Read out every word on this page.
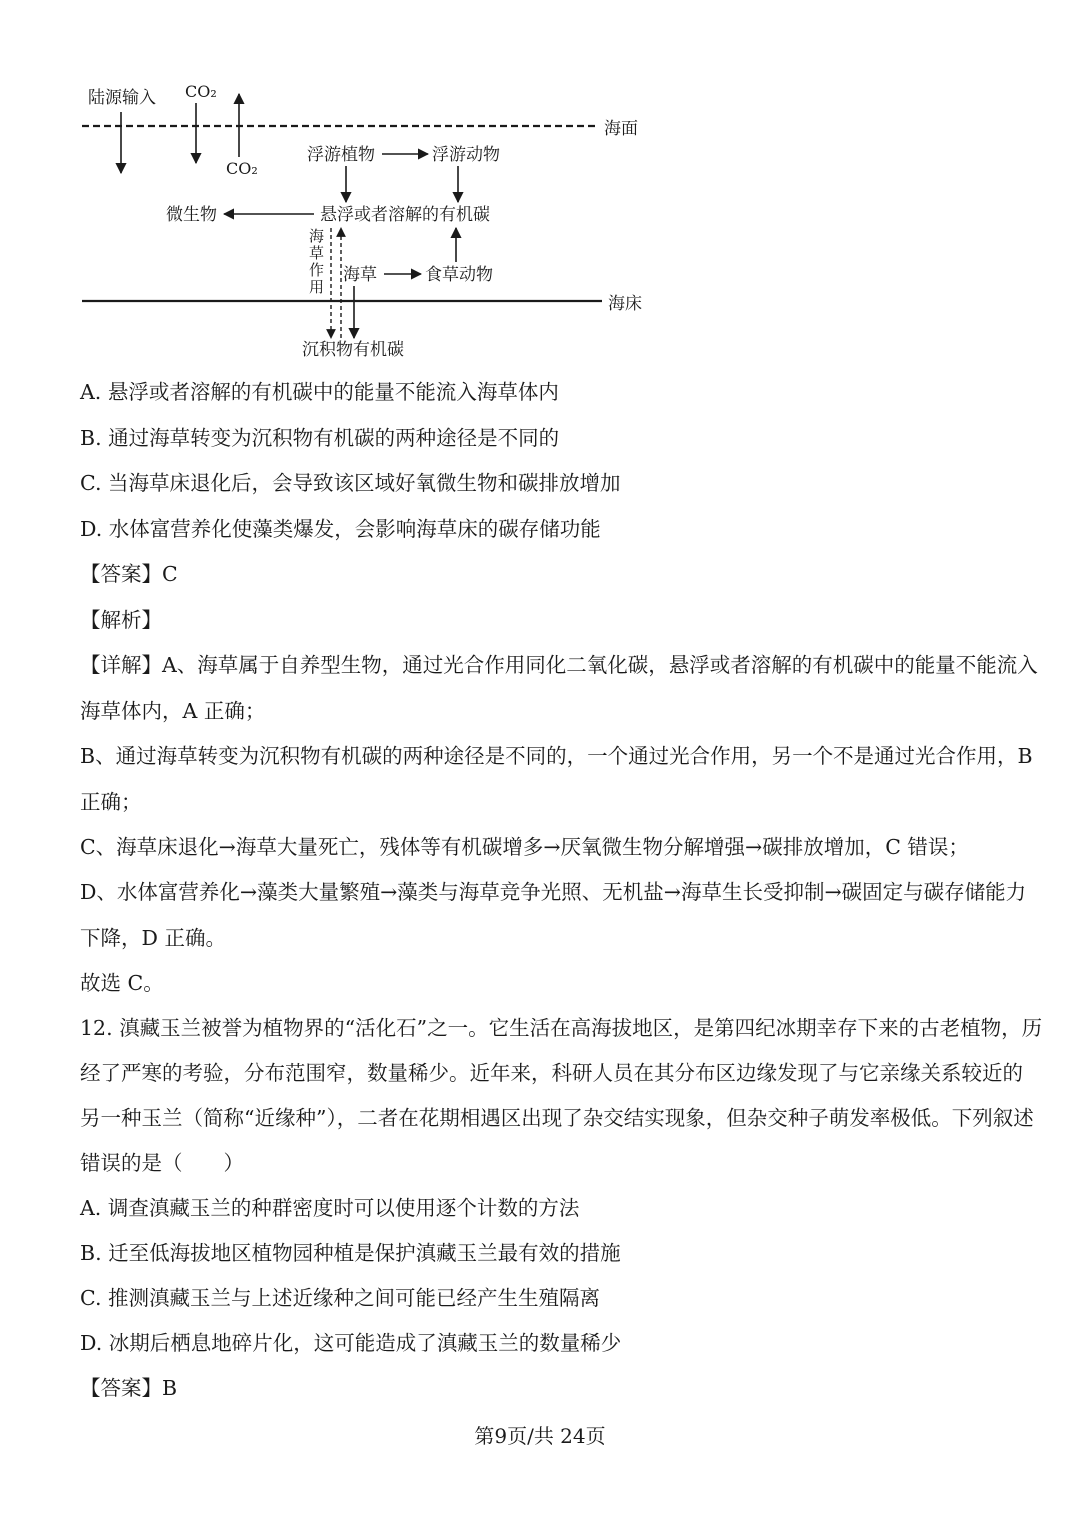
陆源输入 CO₂
CO₂
海面
海床
浮游植物	浮游动物
微生物	悬浮或者溶解的有机碳
海草作用 海草	食草动物
沉积物有机碳
A. 悬浮或者溶解的有机碳中的能量不能流入海草体内
B. 通过海草转变为沉积物有机碳的两种途径是不同的
C. 当海草床退化后，会导致该区域好氧微生物和碳排放增加
D. 水体富营养化使藻类爆发，会影响海草床的碳存储功能
【答案】C
【解析】
【详解】A、海草属于自养型生物，通过光合作用同化二氧化碳，悬浮或者溶解的有机碳中的能量不能流入
海草体内，A 正确；
B、通过海草转变为沉积物有机碳的两种途径是不同的，一个通过光合作用，另一个不是通过光合作用，B
正确；
C、海草床退化→海草大量死亡，残体等有机碳增多→厌氧微生物分解增强→碳排放增加，C 错误；
D、水体富营养化→藻类大量繁殖→藻类与海草竞争光照、无机盐→海草生长受抑制→碳固定与碳存储能力
下降，D 正确。
故选 C。
12. 滇藏玉兰被誉为植物界的“活化石”之一。它生活在高海拔地区，是第四纪冰期幸存下来的古老植物，历
经了严寒的考验，分布范围窄，数量稀少。近年来，科研人员在其分布区边缘发现了与它亲缘关系较近的
另一种玉兰（简称“近缘种”），二者在花期相遇区出现了杂交结实现象，但杂交种子萌发率极低。下列叙述
错误的是（　　）
A. 调查滇藏玉兰的种群密度时可以使用逐个计数的方法
B. 迁至低海拔地区植物园种植是保护滇藏玉兰最有效的措施
C. 推测滇藏玉兰与上述近缘种之间可能已经产生生殖隔离
D. 冰期后栖息地碎片化，这可能造成了滇藏玉兰的数量稀少
【答案】B
第9页/共 24页
